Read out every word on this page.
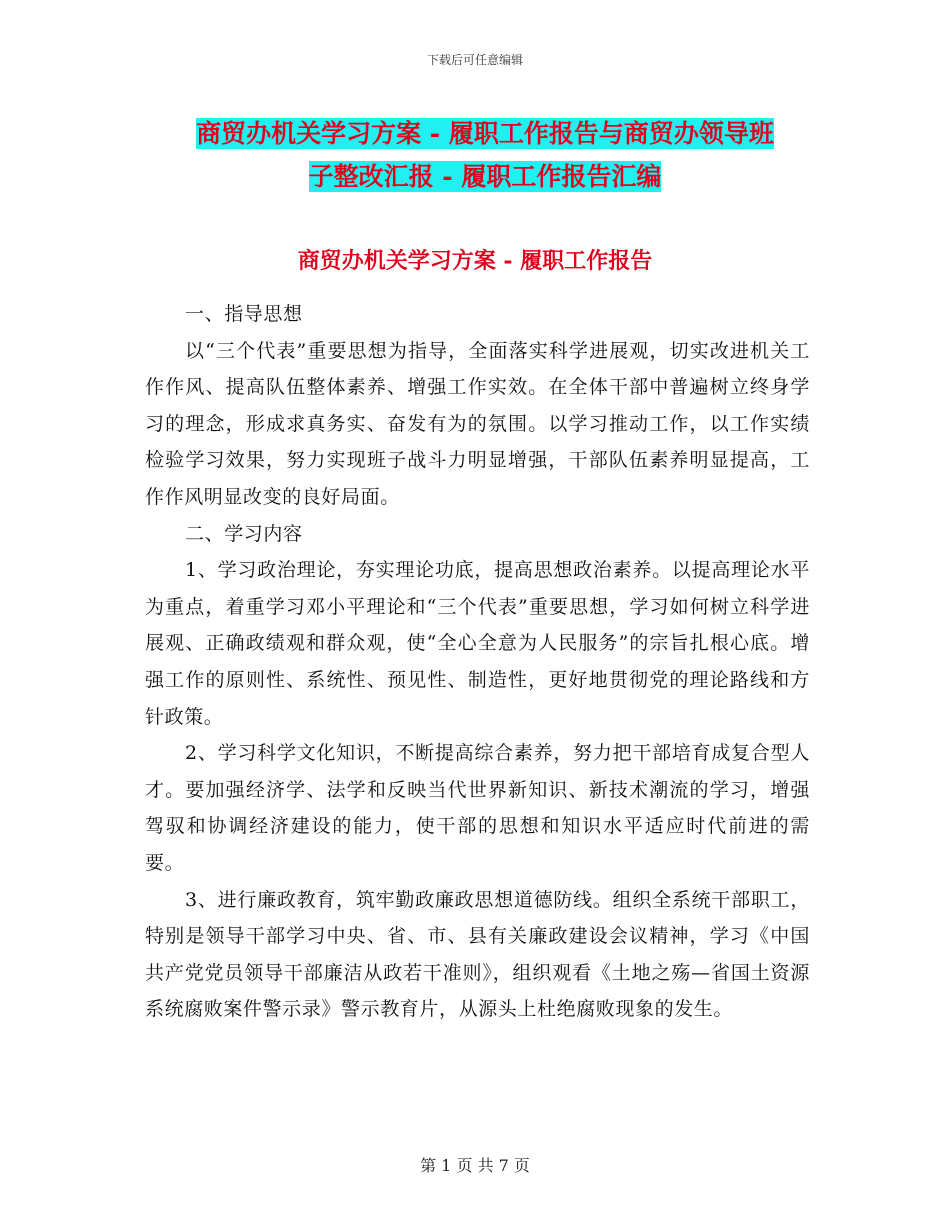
下载后可任意编辑
商贸办机关学习方案 - 履职工作报告与商贸办领导班
子整改汇报 - 履职工作报告汇编
商贸办机关学习方案 - 履职工作报告

一、指导思想

以“三个代表”重要思想为指导，全面落实科学进展观，切实改进机关工作作风、提高队伍整体素养、增强工作实效。在全体干部中普遍树立终身学习的理念，形成求真务实、奋发有为的氛围。以学习推动工作，以工作实绩检验学习效果，努力实现班子战斗力明显增强，干部队伍素养明显提高，工作作风明显改变的良好局面。

二、学习内容

1、学习政治理论，夯实理论功底，提高思想政治素养。以提高理论水平为重点，着重学习邓小平理论和“三个代表”重要思想，学习如何树立科学进展观、正确政绩观和群众观，使“全心全意为人民服务”的宗旨扎根心底。增强工作的原则性、系统性、预见性、制造性，更好地贯彻党的理论路线和方针政策。

2、学习科学文化知识，不断提高综合素养，努力把干部培育成复合型人才。要加强经济学、法学和反映当代世界新知识、新技术潮流的学习，增强驾驭和协调经济建设的能力，使干部的思想和知识水平适应时代前进的需要。

3、进行廉政教育，筑牢勤政廉政思想道德防线。组织全系统干部职工，特别是领导干部学习中央、省、市、县有关廉政建设会议精神，学习《中国共产党党员领导干部廉洁从政若干准则》，组织观看《土地之殇—省国土资源系统腐败案件警示录》警示教育片，从源头上杜绝腐败现象的发生。

第 1 页 共 7 页
